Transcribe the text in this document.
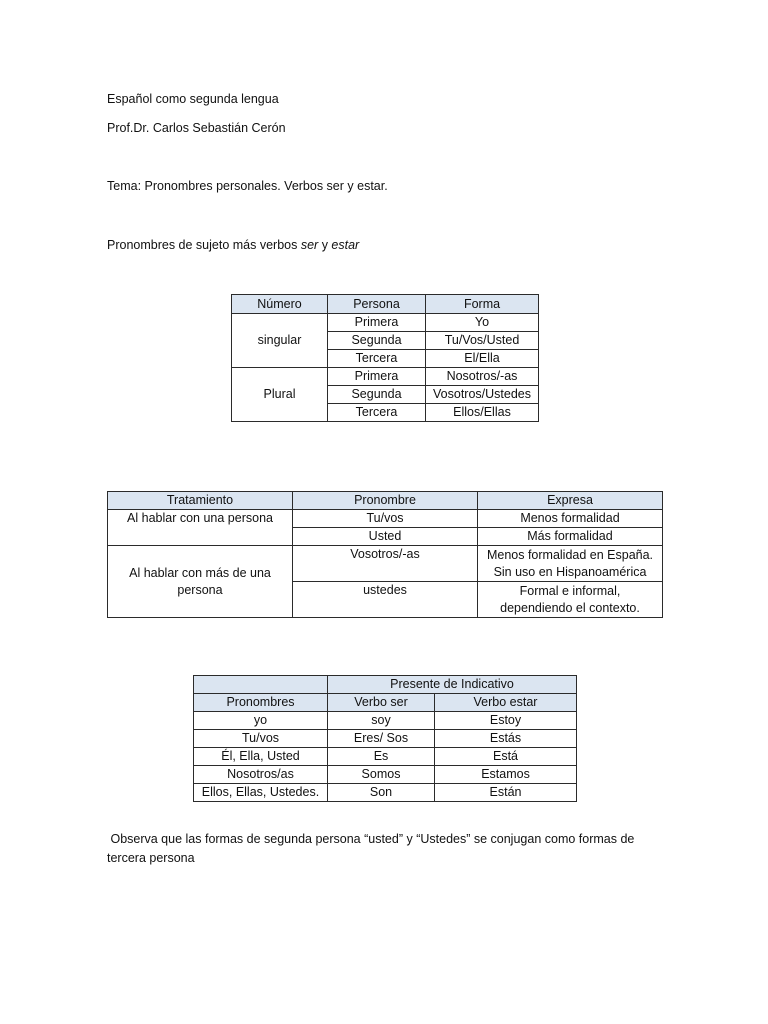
Español como segunda lengua
Prof.Dr. Carlos Sebastián Cerón
Tema: Pronombres personales. Verbos ser y estar.
Pronombres de sujeto más verbos ser y estar
Número	Persona	Forma
singular	Primera	Yo
	Segunda	Tu/Vos/Usted
	Tercera	El/Ella
Plural	Primera	Nosotros/-as
	Segunda	Vosotros/Ustedes
	Tercera	Ellos/Ellas
Tratamiento	Pronombre	Expresa
Al hablar con una persona	Tu/vos	Menos formalidad
	Usted	Más formalidad
Al hablar con más de una
persona	Vosotros/-as	Menos formalidad en España.
Sin uso en Hispanoamérica
	ustedes	Formal e informal,
dependiendo el contexto.
	Presente de Indicativo	
Pronombres	Verbo ser	Verbo estar
yo	soy	Estoy
Tu/vos	Eres/ Sos	Estás
Él, Ella, Usted	Es	Está
Nosotros/as	Somos	Estamos
Ellos, Ellas, Ustedes.	Son	Están
Observa que las formas de segunda persona “usted” y “Ustedes” se conjugan como formas de
tercera persona
